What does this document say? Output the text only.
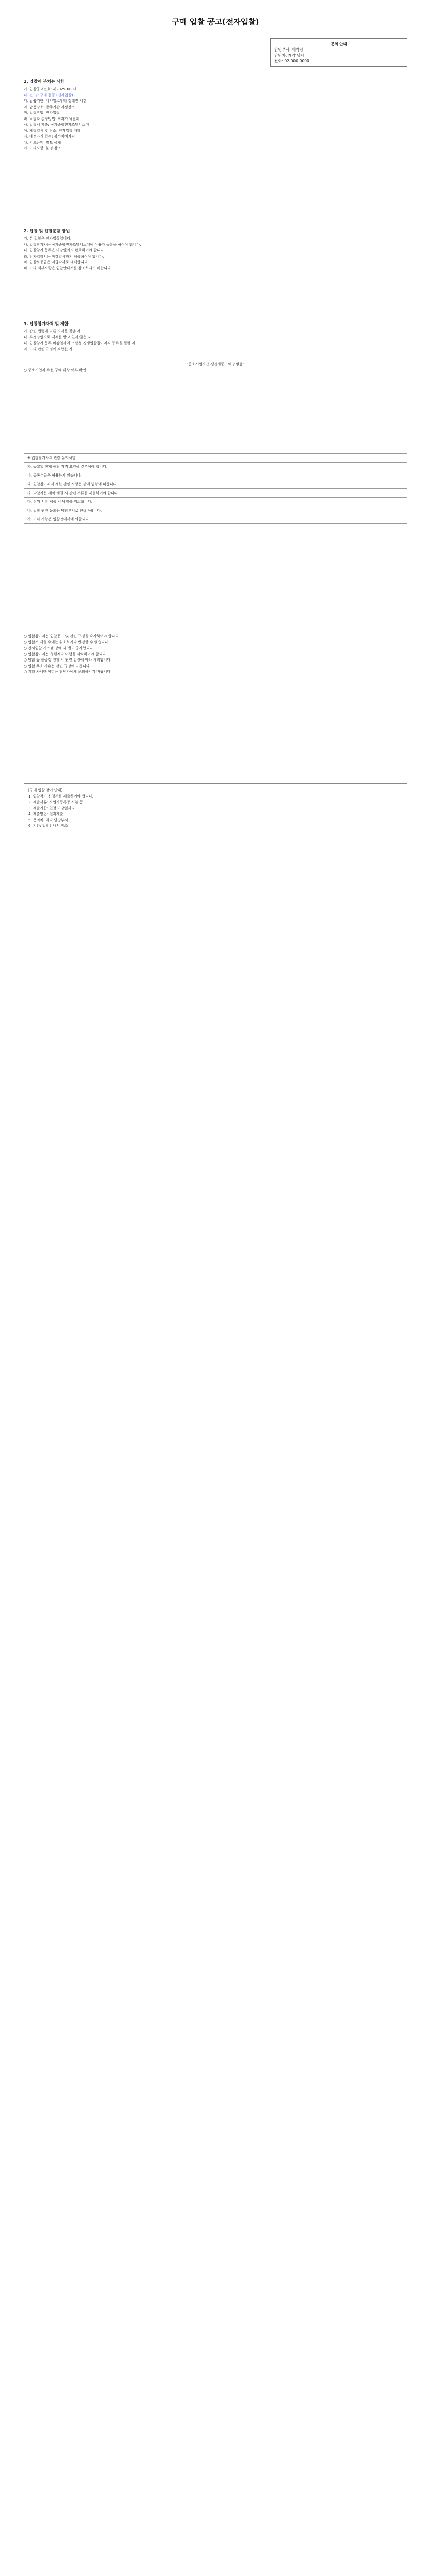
구매 입찰 공고(전자입찰)
문의 안내
담당부서: 계약팀
담당자: 계약 담당
전화: 02-000-0000
1. 입찰에 부치는 사항
가. 입찰공고번호: 제2025-000호
나. 건 명: 구매 물품 (전자입찰)
다. 납품기한: 계약일로부터 정해진 기간
라. 납품장소: 발주기관 지정장소
마. 입찰방법: 전자입찰
바. 낙찰자 결정방법: 최저가 낙찰제
사. 입찰서 제출: 국가종합전자조달시스템
아. 개찰일시 및 장소: 전자입찰 개찰
자. 예정가격 결정: 복수예비가격
차. 기초금액: 별도 공개
카. 기타사항: 붙임 참조
2. 입찰 및 입찰분담 방법
가. 본 입찰은 전자입찰입니다.
나. 입찰참가자는 국가종합전자조달시스템에 이용자 등록을 하여야 합니다.
다. 입찰참가 등록은 마감일까지 완료하여야 합니다.
라. 전자입찰서는 마감일시까지 제출하여야 합니다.
마. 입찰보증금은 지급각서로 대체합니다.
바. 기타 세부사항은 입찰안내서를 참조하시기 바랍니다.
3. 입찰참가자격 및 제한
가. 관련 법령에 따른 자격을 갖춘 자
나. 부정당업자로 제재를 받고 있지 않은 자
다. 입찰참가 등록 마감일까지 조달청 경쟁입찰참가자격 등록을 필한 자
라. 기타 관련 규정에 적합한 자
"중소기업자간 경쟁제품 : 해당 없음"
○ 중소기업자 우선 구매 대상 여부 확인
※ 입찰참가자격 관련 유의사항
가. 공고일 현재 해당 자격 요건을 갖추어야 합니다.
나. 공동수급은 허용하지 않습니다.
다. 입찰참가자격 제한 관련 사항은 관계 법령에 따릅니다.
라. 낙찰자는 계약 체결 시 관련 서류를 제출하여야 합니다.
마. 허위 서류 제출 시 낙찰을 취소합니다.
바. 입찰 관련 문의는 담당부서로 연락바랍니다.
사. 기타 사항은 입찰안내서에 의합니다.
○ 입찰참가자는 입찰공고 및 관련 규정을 숙지하여야 합니다.
○ 입찰서 제출 후에는 취소하거나 변경할 수 없습니다.
○ 전자입찰 시스템 장애 시 별도 공지합니다.
○ 입찰참가자는 청렴계약 이행을 서약하여야 합니다.
○ 담합 등 불공정 행위 시 관련 법령에 따라 처리합니다.
○ 입찰 무효 사유는 관련 규정에 따릅니다.
○ 기타 자세한 사항은 담당자에게 문의하시기 바랍니다.
[구매 입찰 참가 안내]
1. 입찰참가 신청서를 제출하여야 합니다.
2. 제출서류: 사업자등록증 사본 등
3. 제출기한: 입찰 마감일까지
4. 제출방법: 전자제출
5. 문의처: 계약 담당부서
6. 기타: 입찰안내서 참조
